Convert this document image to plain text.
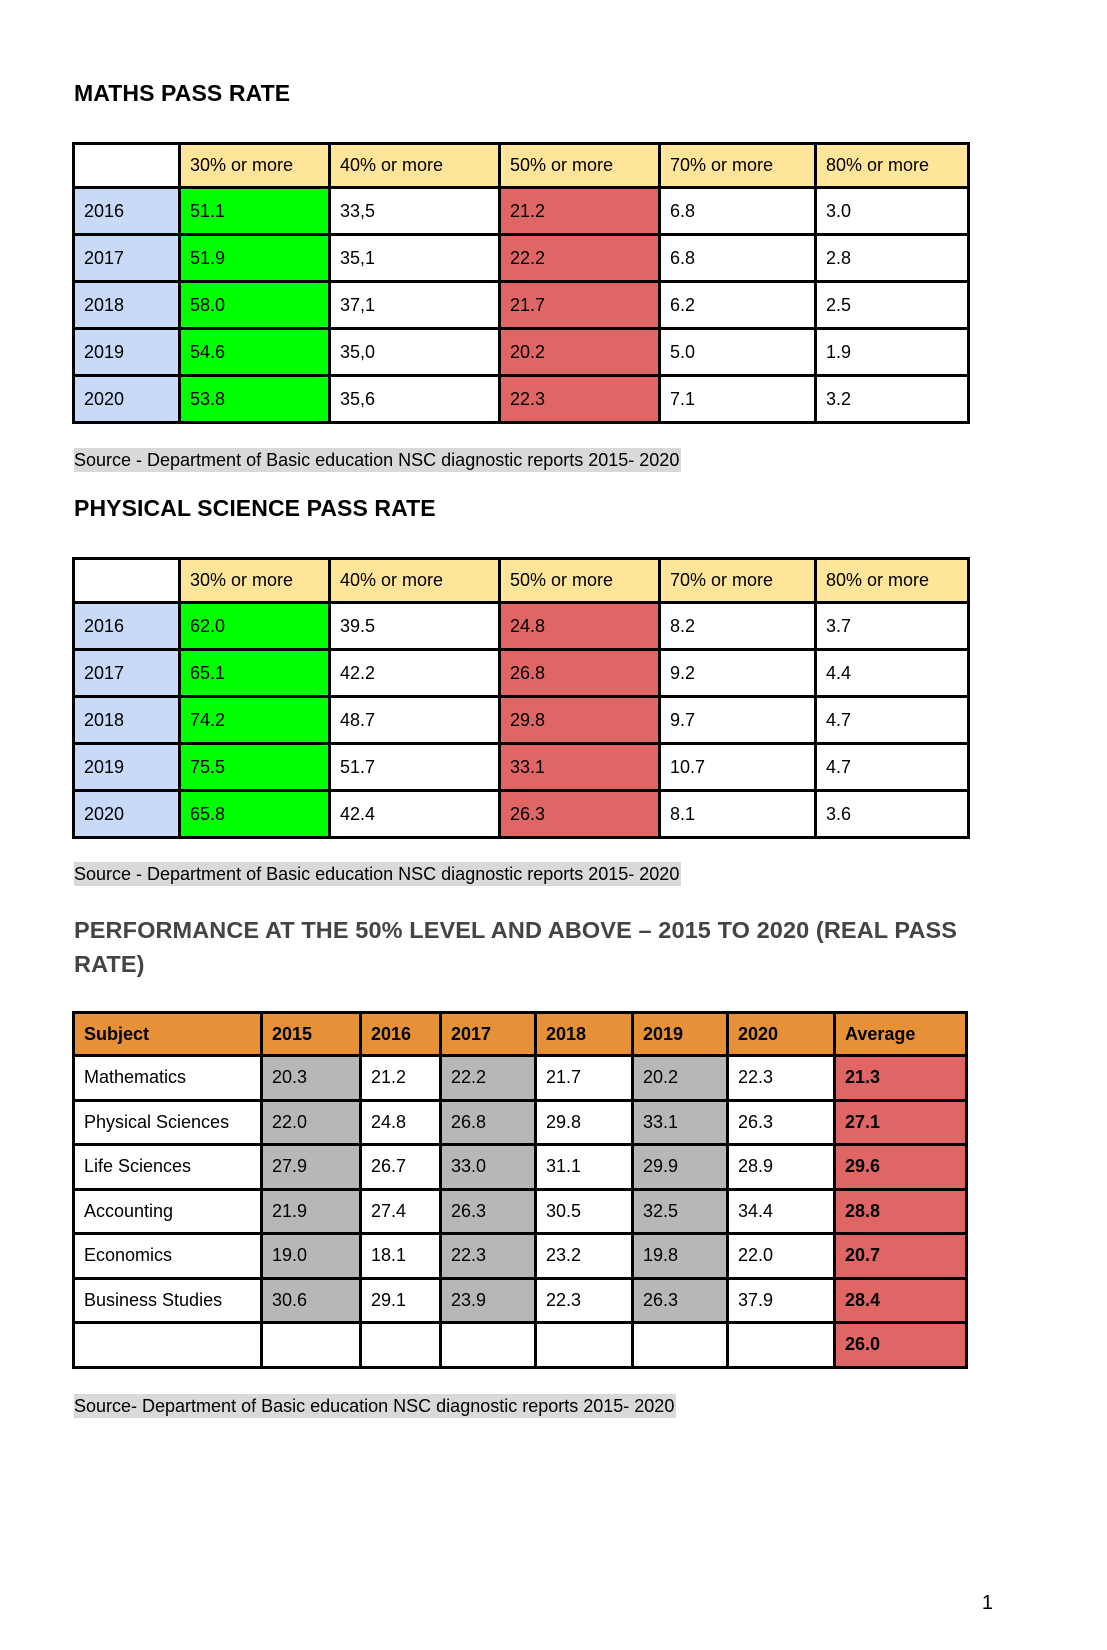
MATHS PASS RATE
	30% or more	40% or more	50% or more	70% or more	80% or more
2016	51.1	33,5	21.2	6.8	3.0
2017	51.9	35,1	22.2	6.8	2.8
2018	58.0	37,1	21.7	6.2	2.5
2019	54.6	35,0	20.2	5.0	1.9
2020	53.8	35,6	22.3	7.1	3.2
Source - Department of Basic education NSC diagnostic reports 2015- 2020
PHYSICAL SCIENCE PASS RATE
	30% or more	40% or more	50% or more	70% or more	80% or more
2016	62.0	39.5	24.8	8.2	3.7
2017	65.1	42.2	26.8	9.2	4.4
2018	74.2	48.7	29.8	9.7	4.7
2019	75.5	51.7	33.1	10.7	4.7
2020	65.8	42.4	26.3	8.1	3.6
Source - Department of Basic education NSC diagnostic reports 2015- 2020
PERFORMANCE AT THE 50% LEVEL AND ABOVE – 2015 TO 2020 (REAL PASS RATE)
Subject	2015	2016	2017	2018	2019	2020	Average
Mathematics	20.3	21.2	22.2	21.7	20.2	22.3	21.3
Physical Sciences	22.0	24.8	26.8	29.8	33.1	26.3	27.1
Life Sciences	27.9	26.7	33.0	31.1	29.9	28.9	29.6
Accounting	21.9	27.4	26.3	30.5	32.5	34.4	28.8
Economics	19.0	18.1	22.3	23.2	19.8	22.0	20.7
Business Studies	30.6	29.1	23.9	22.3	26.3	37.9	28.4
							26.0
Source- Department of Basic education NSC diagnostic reports 2015- 2020
1
